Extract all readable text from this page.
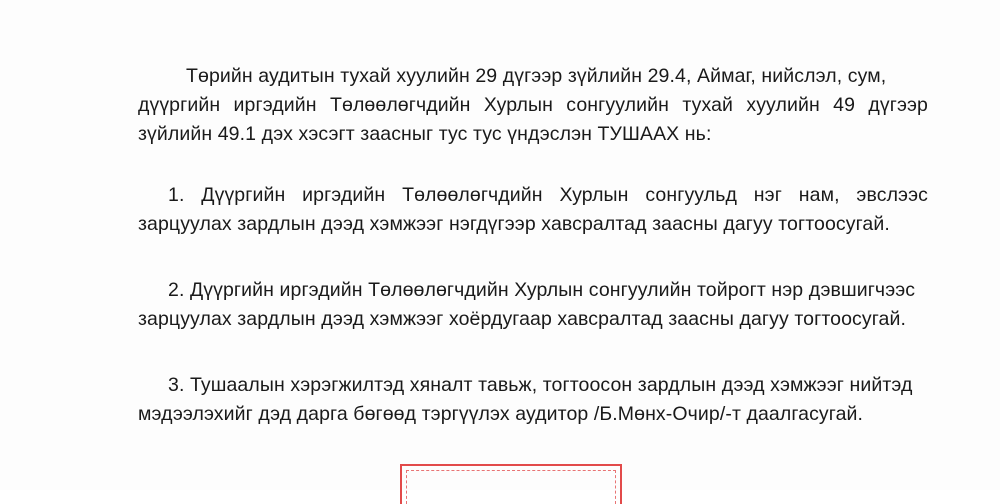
Төрийн аудитын тухай хуулийн 29 дүгээр зүйлийн 29.4, Аймаг, нийслэл, сум,
дүүргийн иргэдийн Төлөөлөгчдийн Хурлын сонгуулийн тухай хуулийн 49 дүгээр
зүйлийн 49.1 дэх хэсэгт заасныг тус тус үндэслэн ТУШААХ нь:
1. Дүүргийн иргэдийн Төлөөлөгчдийн Хурлын сонгуульд нэг нам, эвслээс
зарцуулах зардлын дээд хэмжээг нэгдүгээр хавсралтад заасны дагуу тогтоосугай.
2. Дүүргийн иргэдийн Төлөөлөгчдийн Хурлын сонгуулийн тойрогт нэр дэвшигчээс
зарцуулах зардлын дээд хэмжээг хоёрдугаар хавсралтад заасны дагуу тогтоосугай.
3. Тушаалын хэрэгжилтэд хяналт тавьж, тогтоосон зардлын дээд хэмжээг нийтэд
мэдээлэхийг дэд дарга бөгөөд тэргүүлэх аудитор /Б.Мөнх-Очир/-т даалгасугай.
